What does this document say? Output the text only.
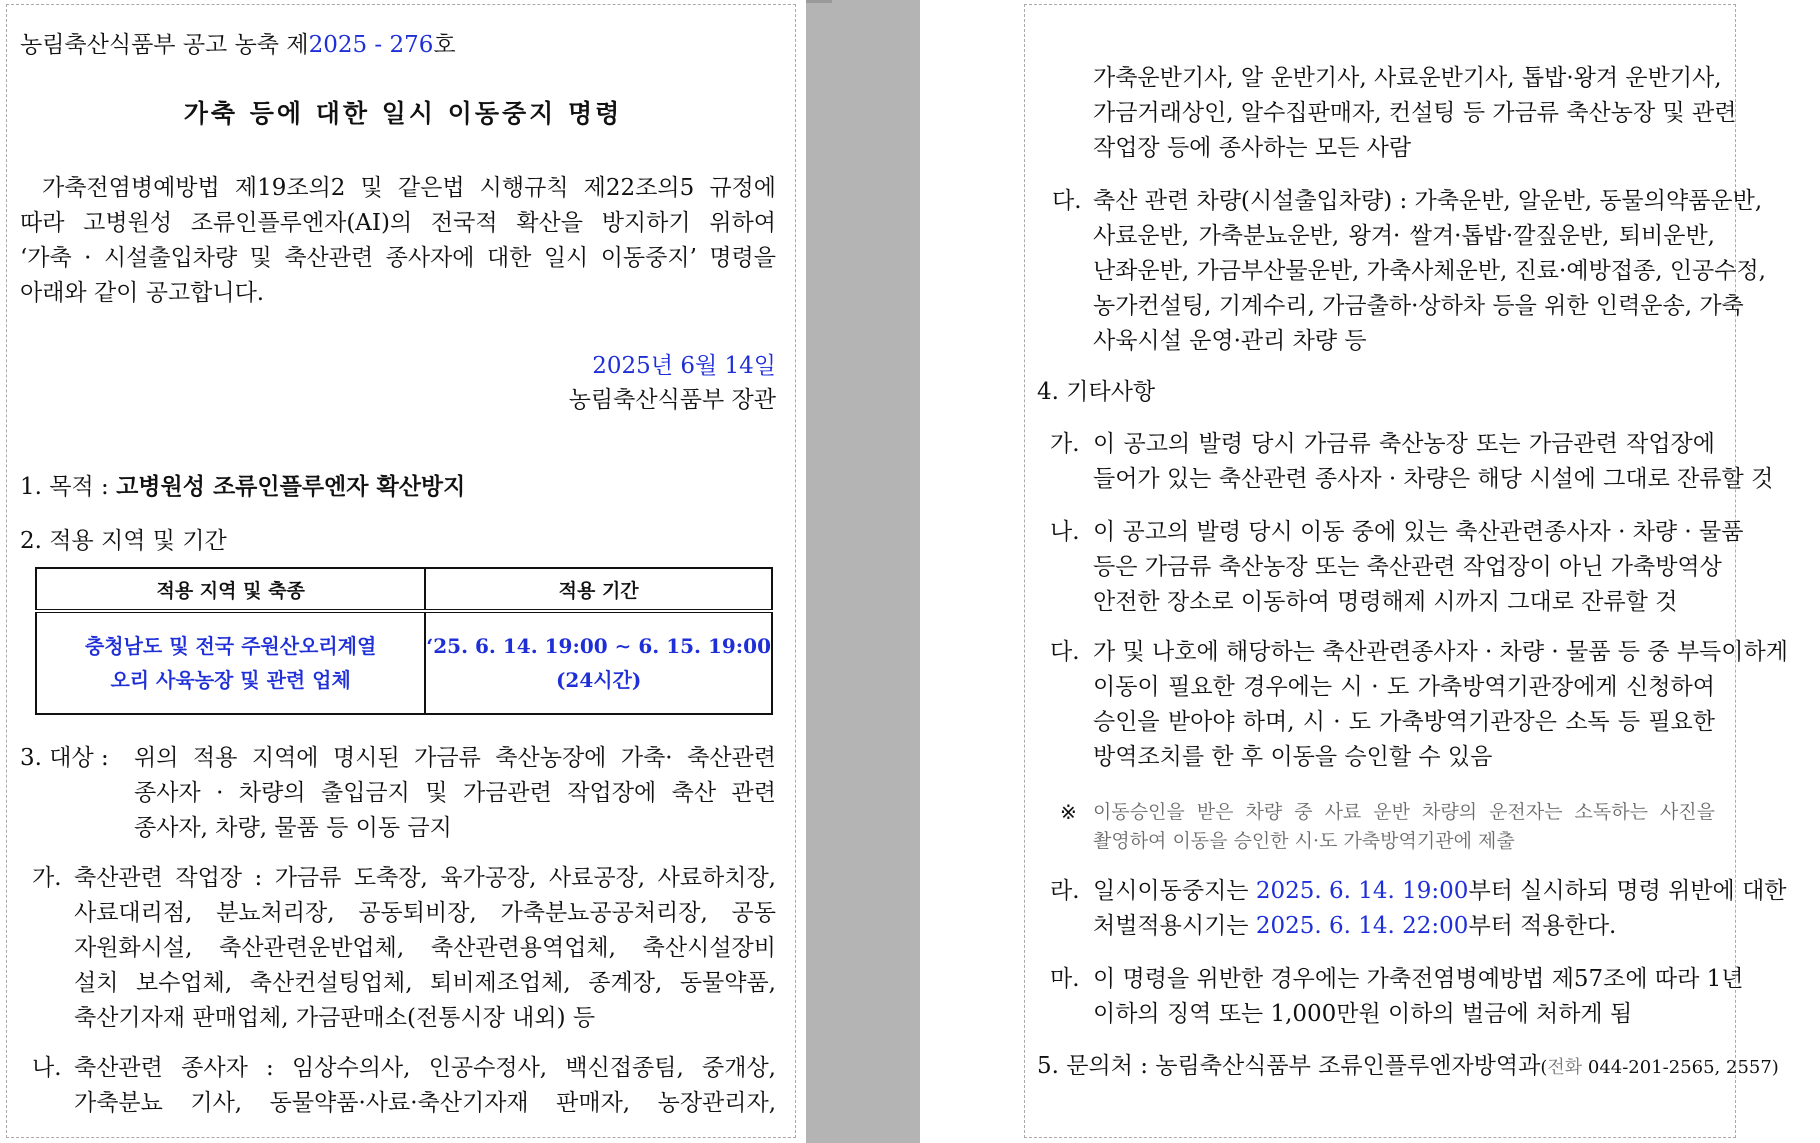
농림축산식품부 공고 농축 제2025 - 276호
가축 등에 대한 일시 이동중지 명령
가축전염병예방법 제19조의2 및 같은법 시행규칙 제22조의5 규정에
따라 고병원성 조류인플루엔자(AI)의 전국적 확산을 방지하기 위하여
‘가축 · 시설출입차량 및 축산관련 종사자에 대한 일시 이동중지’ 명령을
아래와 같이 공고합니다.
2025년 6월 14일
농림축산식품부 장관
1. 목적 : 고병원성 조류인플루엔자 확산방지
2. 적용 지역 및 기간
적용 지역 및 축종	적용 기간

충청남도 및 전국 주원산오리계열
오리 사육농장 및 관련 업체	‘25. 6. 14. 19:00 ∼ 6. 15. 19:00
(24시간)
3. 대상 : 위의 적용 지역에 명시된 가금류 축산농장에 가축· 축산관련
종사자 · 차량의 출입금지 및 가금관련 작업장에 축산 관련
종사자, 차량, 물품 등 이동 금지
가. 축산관련 작업장 : 가금류 도축장, 육가공장, 사료공장, 사료하치장,
사료대리점, 분뇨처리장, 공동퇴비장, 가축분뇨공공처리장, 공동
자원화시설, 축산관련운반업체, 축산관련용역업체, 축산시설장비
설치 보수업체, 축산컨설팅업체, 퇴비제조업체, 종계장, 동물약품,
축산기자재 판매업체, 가금판매소(전통시장 내외) 등
나. 축산관련 종사자 : 임상수의사, 인공수정사, 백신접종팀, 중개상,
가축분뇨 기사, 동물약품·사료·축산기자재 판매자, 농장관리자,
가축운반기사, 알 운반기사, 사료운반기사, 톱밥·왕겨 운반기사,
가금거래상인, 알수집판매자, 컨설팅 등 가금류 축산농장 및 관련
작업장 등에 종사하는 모든 사람
다. 축산 관련 차량(시설출입차량) : 가축운반, 알운반, 동물의약품운반,
사료운반, 가축분뇨운반, 왕겨· 쌀겨·톱밥·깔짚운반, 퇴비운반,
난좌운반, 가금부산물운반, 가축사체운반, 진료·예방접종, 인공수정,
농가컨설팅, 기계수리, 가금출하·상하차 등을 위한 인력운송, 가축
사육시설 운영·관리 차량 등
4. 기타사항
가. 이 공고의 발령 당시 가금류 축산농장 또는 가금관련 작업장에
들어가 있는 축산관련 종사자 · 차량은 해당 시설에 그대로 잔류할 것
나. 이 공고의 발령 당시 이동 중에 있는 축산관련종사자 · 차량 · 물품
등은 가금류 축산농장 또는 축산관련 작업장이 아닌 가축방역상
안전한 장소로 이동하여 명령해제 시까지 그대로 잔류할 것
다. 가 및 나호에 해당하는 축산관련종사자 · 차량 · 물품 등 중 부득이하게
이동이 필요한 경우에는 시 · 도 가축방역기관장에게 신청하여
승인을 받아야 하며, 시 · 도 가축방역기관장은 소독 등 필요한
방역조치를 한 후 이동을 승인할 수 있음
※ 이동승인을 받은 차량 중 사료 운반 차량의 운전자는 소독하는 사진을
촬영하여 이동을 승인한 시·도 가축방역기관에 제출
라. 일시이동중지는 2025. 6. 14. 19:00부터 실시하되 명령 위반에 대한
처벌적용시기는 2025. 6. 14. 22:00부터 적용한다.
마. 이 명령을 위반한 경우에는 가축전염병예방법 제57조에 따라 1년
이하의 징역 또는 1,000만원 이하의 벌금에 처하게 됨
5. 문의처 : 농림축산식품부 조류인플루엔자방역과(전화 044-201-2565, 2557)
